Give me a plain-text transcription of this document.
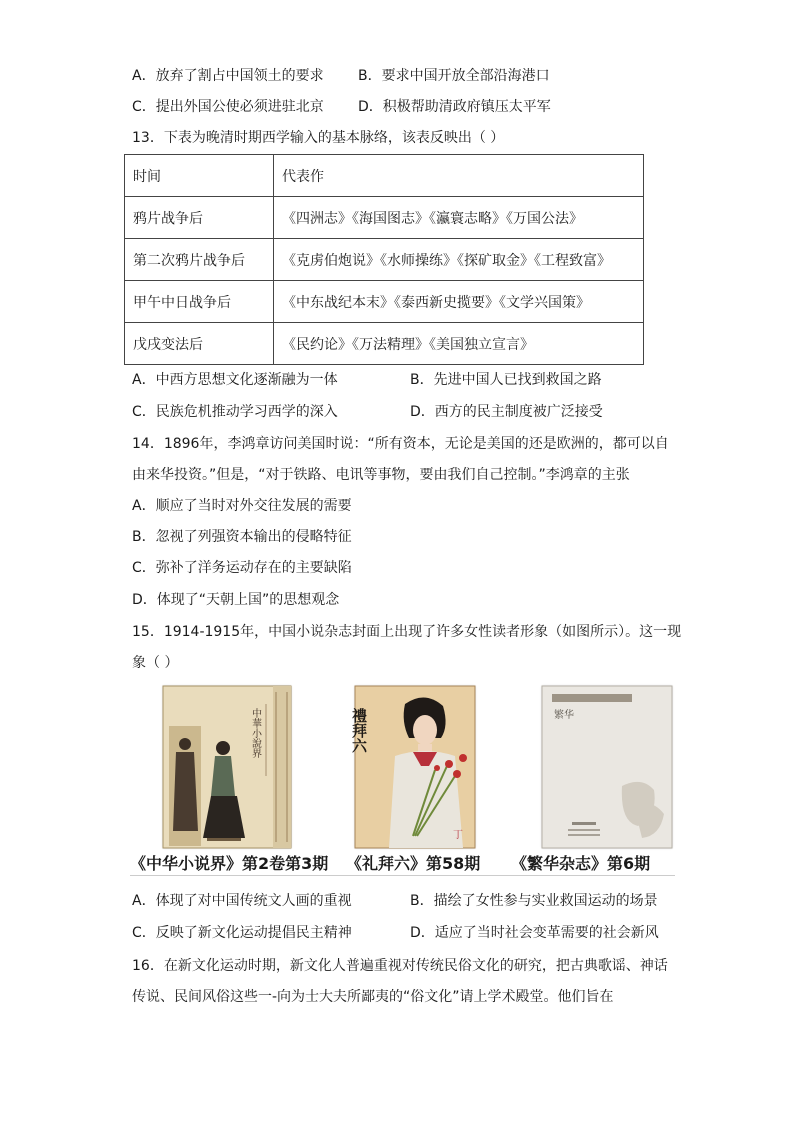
A．放弃了割占中国领土的要求 B．要求中国开放全部沿海港口
C．提出外国公使必须进驻北京 D．积极帮助清政府镇压太平军
13．下表为晚清时期西学输入的基本脉络，该表反映出（ ）
时间	代表作
鸦片战争后	《四洲志》《海国图志》《瀛寰志略》《万国公法》
第二次鸦片战争后	《克虏伯炮说》《水师操练》《探矿取金》《工程致富》
甲午中日战争后	《中东战纪本末》《泰西新史揽要》《文学兴国策》
戊戌变法后	《民约论》《万法精理》《美国独立宣言》
A．中西方思想文化逐渐融为一体	B．先进中国人已找到救国之路
C．民族危机推动学习西学的深入	D．西方的民主制度被广泛接受
14．1896年，李鸿章访问美国时说：“所有资本，无论是美国的还是欧洲的，都可以自
由来华投资。”但是，“对于铁路、电讯等事物，要由我们自己控制。”李鸿章的主张
A．顺应了当时对外交往发展的需要
B．忽视了列强资本输出的侵略特征
C．弥补了洋务运动存在的主要缺陷
D．体现了“天朝上国”的思想观念
15．1914-1915年，中国小说杂志封面上出现了许多女性读者形象（如图所示）。这一现
象（ ）
中華小說界	禮拜六
丁
繁华
《中华小说界》第2卷第3期 《礼拜六》第58期 《繁华杂志》第6期
A．体现了对中国传统文人画的重视	B．描绘了女性参与实业救国运动的场景
C．反映了新文化运动提倡民主精神	D．适应了当时社会变革需要的社会新风
16．在新文化运动时期，新文化人普遍重视对传统民俗文化的研究，把古典歌谣、神话
传说、民间风俗这些一-向为士大夫所鄙夷的“俗文化”请上学术殿堂。他们旨在
